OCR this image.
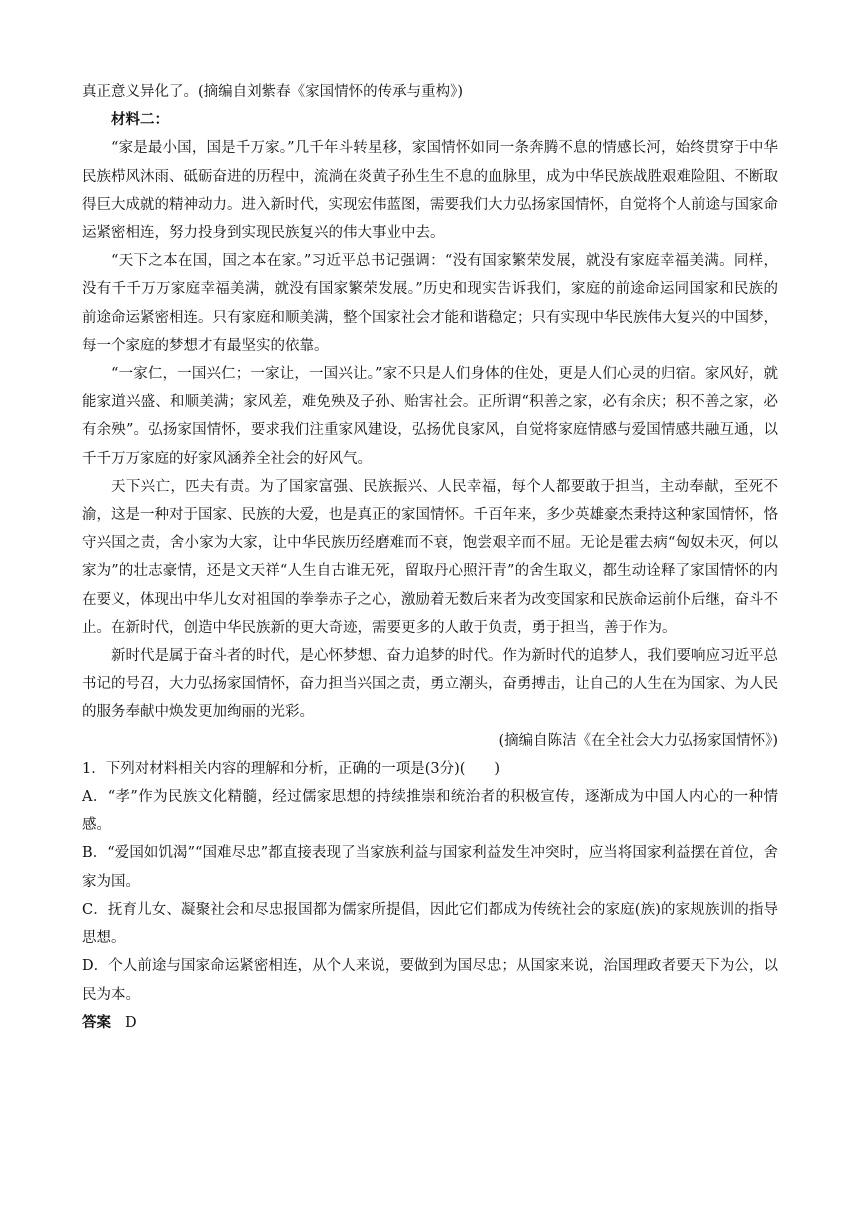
真正意义异化了。(摘编自刘紫春《家国情怀的传承与重构》)

材料二：

“家是最小国，国是千万家。”几千年斗转星移，家国情怀如同一条奔腾不息的情感长河，始终贯穿于中华民族栉风沐雨、砥砺奋进的历程中，流淌在炎黄子孙生生不息的血脉里，成为中华民族战胜艰难险阻、不断取得巨大成就的精神动力。进入新时代，实现宏伟蓝图，需要我们大力弘扬家国情怀，自觉将个人前途与国家命运紧密相连，努力投身到实现民族复兴的伟大事业中去。

“天下之本在国，国之本在家。”习近平总书记强调：“没有国家繁荣发展，就没有家庭幸福美满。同样，没有千千万万家庭幸福美满，就没有国家繁荣发展。”历史和现实告诉我们，家庭的前途命运同国家和民族的前途命运紧密相连。只有家庭和顺美满，整个国家社会才能和谐稳定；只有实现中华民族伟大复兴的中国梦，每一个家庭的梦想才有最坚实的依靠。

“一家仁，一国兴仁；一家让，一国兴让。”家不只是人们身体的住处，更是人们心灵的归宿。家风好，就能家道兴盛、和顺美满；家风差，难免殃及子孙、贻害社会。正所谓“积善之家，必有余庆；积不善之家，必有余殃”。弘扬家国情怀，要求我们注重家风建设，弘扬优良家风，自觉将家庭情感与爱国情感共融互通，以千千万万家庭的好家风涵养全社会的好风气。

天下兴亡，匹夫有责。为了国家富强、民族振兴、人民幸福，每个人都要敢于担当，主动奉献，至死不渝，这是一种对于国家、民族的大爱，也是真正的家国情怀。千百年来，多少英雄豪杰秉持这种家国情怀，恪守兴国之责，舍小家为大家，让中华民族历经磨难而不衰，饱尝艰辛而不屈。无论是霍去病“匈奴未灭，何以家为”的壮志豪情，还是文天祥“人生自古谁无死，留取丹心照汗青”的舍生取义，都生动诠释了家国情怀的内在要义，体现出中华儿女对祖国的拳拳赤子之心，激励着无数后来者为改变国家和民族命运前仆后继，奋斗不止。在新时代，创造中华民族新的更大奇迹，需要更多的人敢于负责，勇于担当，善于作为。

新时代是属于奋斗者的时代，是心怀梦想、奋力追梦的时代。作为新时代的追梦人，我们要响应习近平总书记的号召，大力弘扬家国情怀，奋力担当兴国之责，勇立潮头，奋勇搏击，让自己的人生在为国家、为人民的服务奉献中焕发更加绚丽的光彩。

(摘编自陈洁《在全社会大力弘扬家国情怀》)

1．下列对材料相关内容的理解和分析，正确的一项是(3分)(　　)

A．“孝”作为民族文化精髓，经过儒家思想的持续推崇和统治者的积极宣传，逐渐成为中国人内心的一种情感。

B．“爱国如饥渴”“国难尽忠”都直接表现了当家族利益与国家利益发生冲突时，应当将国家利益摆在首位，舍家为国。

C．抚育儿女、凝聚社会和尽忠报国都为儒家所提倡，因此它们都成为传统社会的家庭(族)的家规族训的指导思想。

D．个人前途与国家命运紧密相连，从个人来说，要做到为国尽忠；从国家来说，治国理政者要天下为公，以民为本。

答案 D
